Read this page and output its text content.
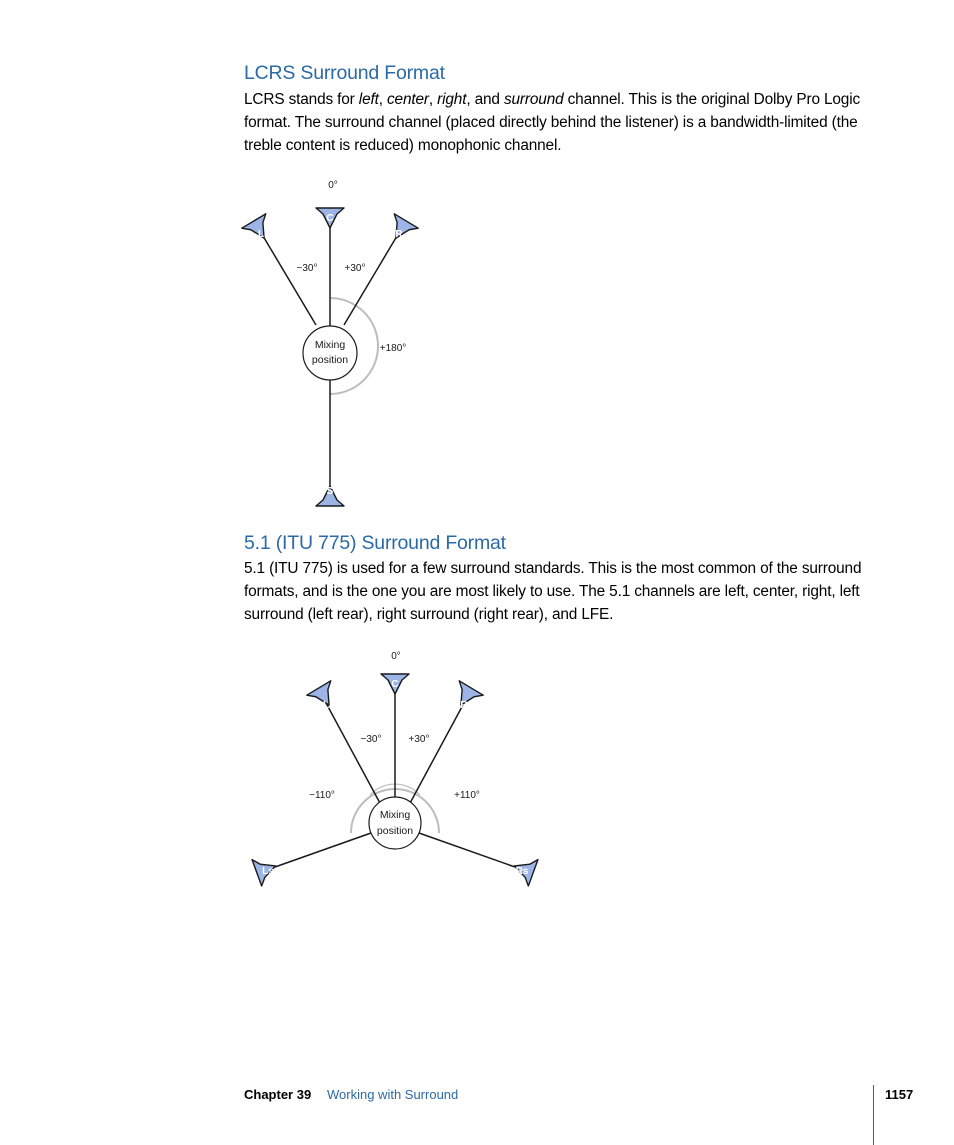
LCRS Surround Format

LCRS stands for left, center, right, and surround channel. This is the original Dolby Pro Logic format. The surround channel (placed directly behind the listener) is a bandwidth-limited (the treble content is reduced) monophonic channel.

C
L	R
S
0°
−30°	+30°
+180°
Mixing
position
5.1 (ITU 775) Surround Format

5.1 (ITU 775) is used for a few surround standards. This is the most common of the surround formats, and is the one you are most likely to use. The 5.1 channels are left, center, right, left surround (left rear), right surround (right rear), and LFE.

C
L	R
Ls	Rs
0°
−30°	+30°
−110°	+110°
Mixing
position
Chapter 39 Working with Surround	1157
